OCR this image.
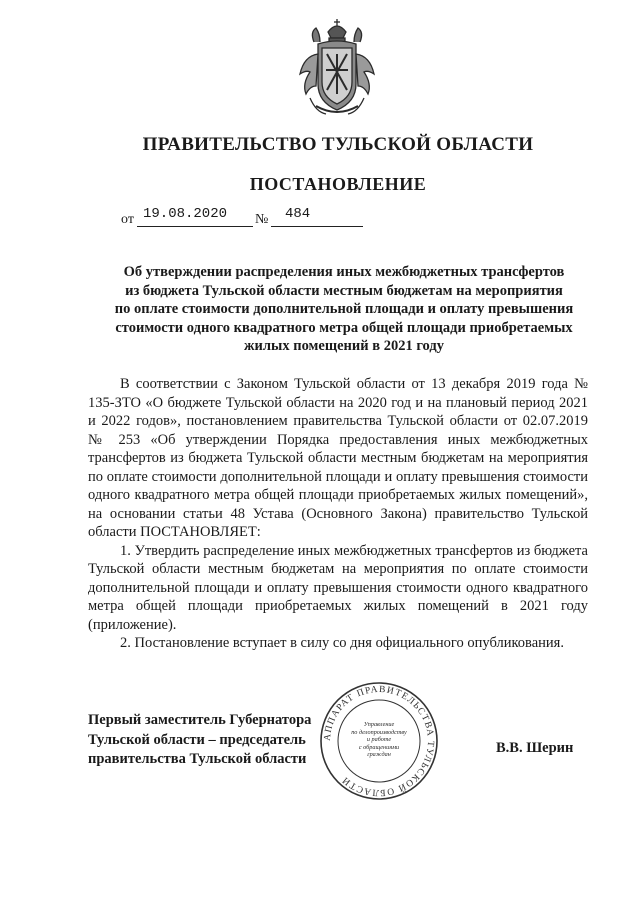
ПРАВИТЕЛЬСТВО ТУЛЬСКОЙ ОБЛАСТИ
ПОСТАНОВЛЕНИЕ
от 19.08.2020 № 484
Об утверждении распределения иных межбюджетных трансфертов
из бюджета Тульской области местным бюджетам на мероприятия
по оплате стоимости дополнительной площади и оплату превышения
стоимости одного квадратного метра общей площади приобретаемых
жилых помещений в 2021 году

В соответствии с Законом Тульской области от 13 декабря 2019 года № 135-ЗТО «О бюджете Тульской области на 2020 год и на плановый период 2021 и 2022 годов», постановлением правительства Тульской области от 02.07.2019 № 253 «Об утверждении Порядка предоставления иных межбюджетных трансфертов из бюджета Тульской области местным бюджетам на мероприятия по оплате стоимости дополнительной площади и оплату превышения стоимости одного квадратного метра общей площади приобретаемых жилых помещений», на основании статьи 48 Устава (Основного Закона) правительство Тульской области ПОСТАНОВЛЯЕТ:

1. Утвердить распределение иных межбюджетных трансфертов из бюджета Тульской области местным бюджетам на мероприятия по оплате стоимости дополнительной площади и оплату превышения стоимости одного квадратного метра общей площади приобретаемых жилых помещений в 2021 году (приложение).

2. Постановление вступает в силу со дня официального опубликования.

АППАРАТ ПРАВИТЕЛЬСТВА ТУЛЬСКОЙ ОБЛАСТИ
Управление
по делопроизводству
и работе
с обращениями
граждан
Первый заместитель Губернатора
Тульской области – председатель
правительства Тульской области
В.В. Шерин
